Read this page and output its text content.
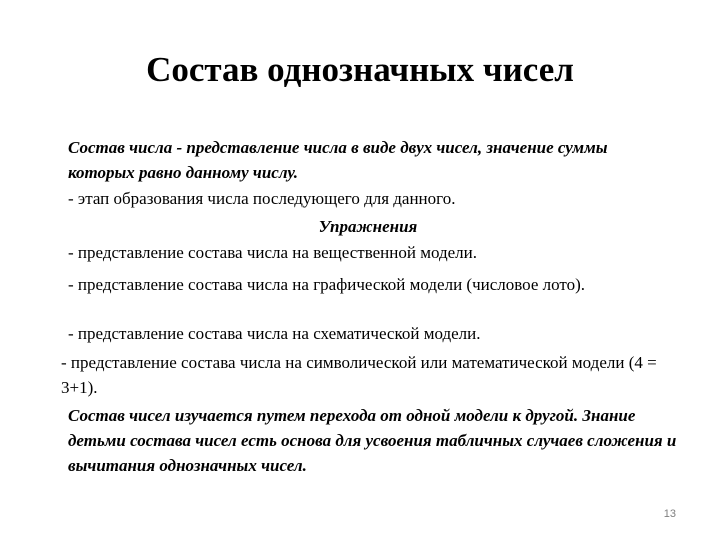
Состав однозначных чисел

Состав числа - представление числа в виде двух чисел, значение суммы которых равно данному числу.

- этап образования числа последующего для данного.

Упражнения

- представление состава числа на вещественной модели.

- представление состава числа на графической модели (числовое лото).

- представление состава числа на схематической модели.

- представление состава числа на символической или математической модели (4 = 3+1).

Состав чисел изучается путем перехода от одной модели к другой. Знание детьми состава чисел есть основа для усвоения табличных случаев сложения и вычитания однозначных чисел.

13
